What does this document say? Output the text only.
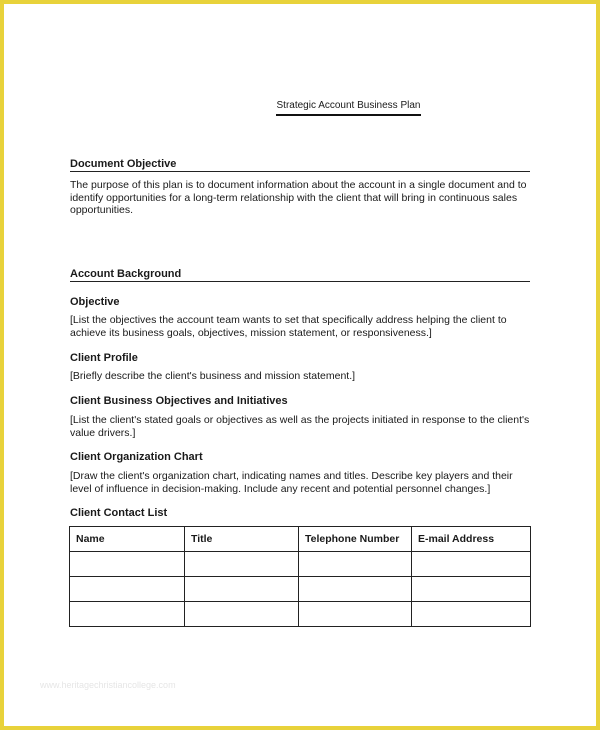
Strategic Account Business Plan
Document Objective
The purpose of this plan is to document information about the account in a single document and to identify opportunities for a long-term relationship with the client that will bring in continuous sales opportunities.
Account Background
Objective
[List the objectives the account team wants to set that specifically address helping the client to achieve its business goals, objectives, mission statement, or responsiveness.]
Client Profile
[Briefly describe the client's business and mission statement.]
Client Business Objectives and Initiatives
[List the client's stated goals or objectives as well as the projects initiated in response to the client's value drivers.]
Client Organization Chart
[Draw the client's organization chart, indicating names and titles. Describe key players and their level of influence in decision-making. Include any recent and potential personnel changes.]
Client Contact List
Name	Title	Telephone Number	E-mail Address

www.heritagechristiancollege.com
